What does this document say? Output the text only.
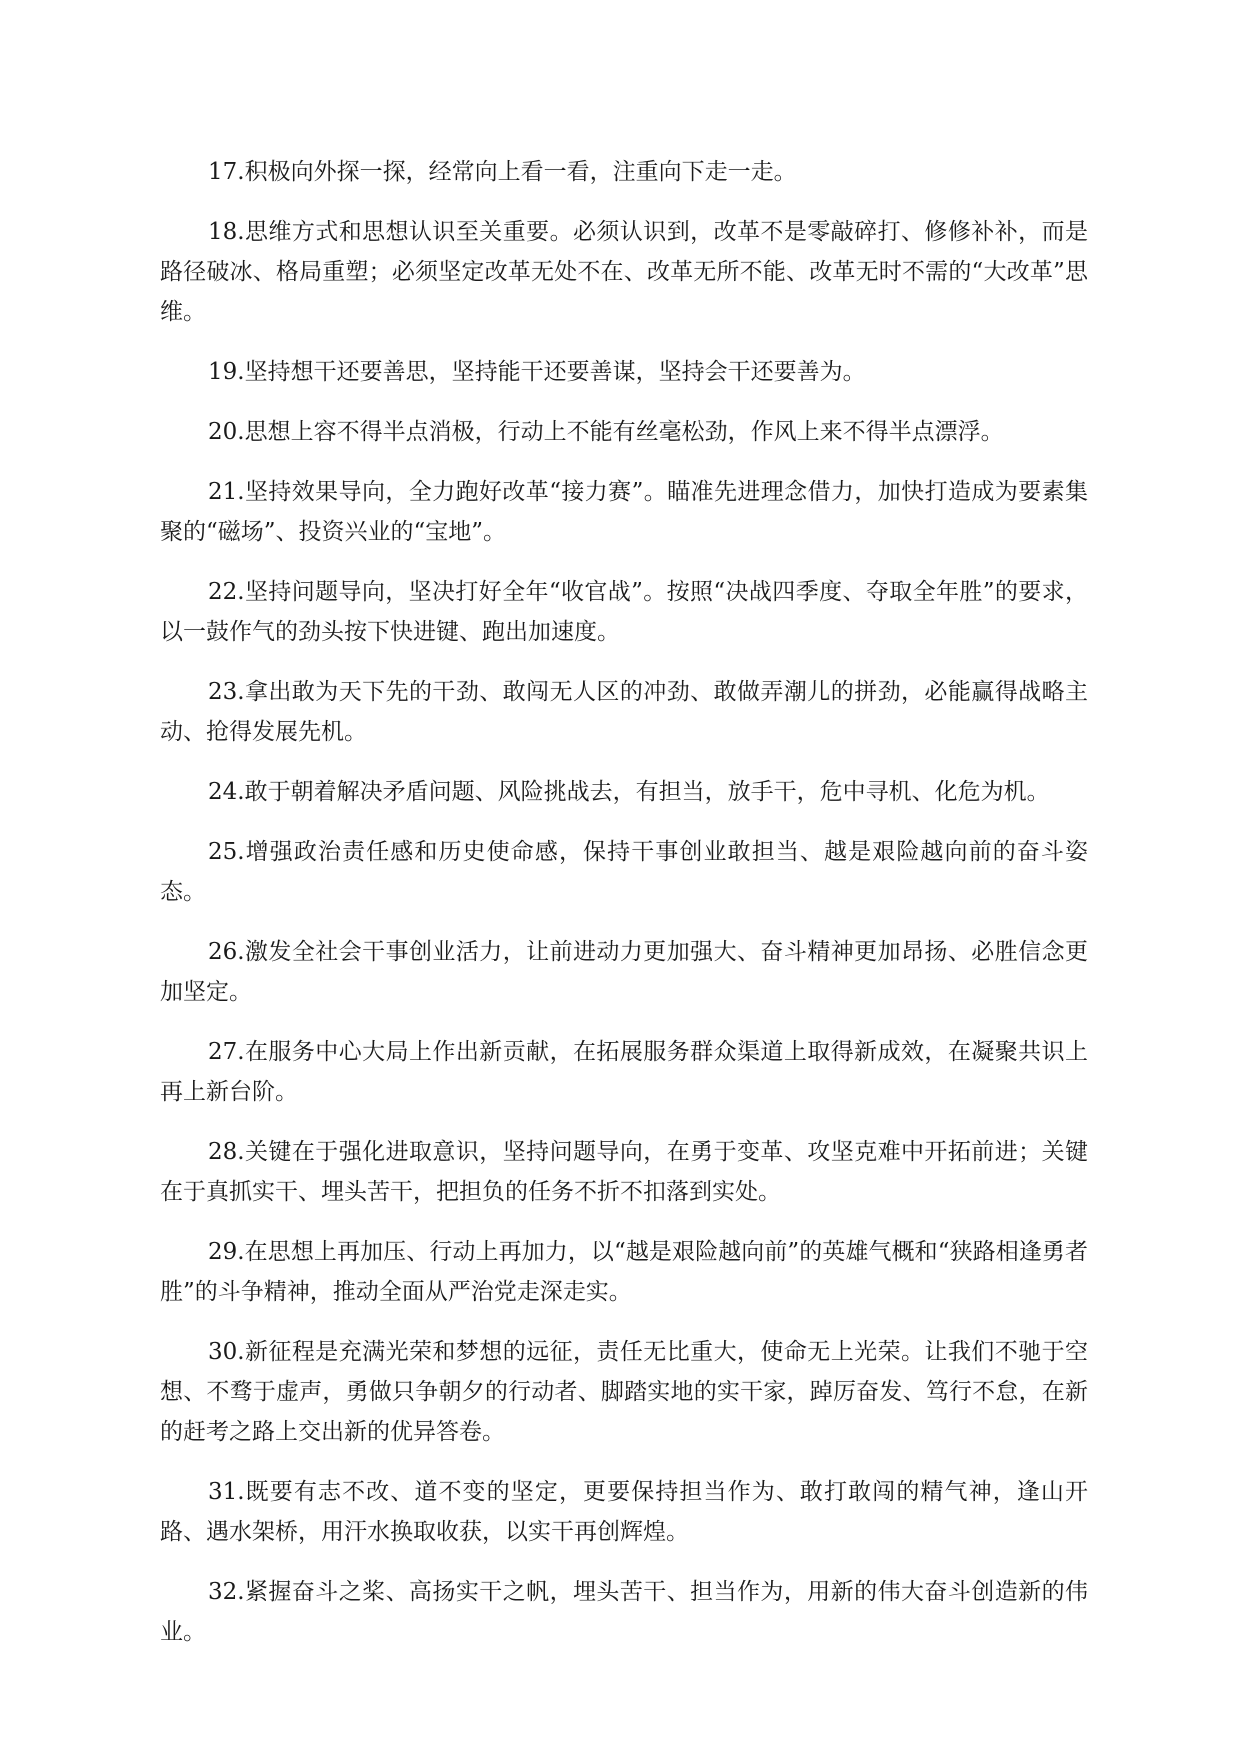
17.积极向外探一探，经常向上看一看，注重向下走一走。

18.思维方式和思想认识至关重要。必须认识到，改革不是零敲碎打、修修补补，而是路径破冰、格局重塑；必须坚定改革无处不在、改革无所不能、改革无时不需的“大改革”思维。

19.坚持想干还要善思，坚持能干还要善谋，坚持会干还要善为。

20.思想上容不得半点消极，行动上不能有丝毫松劲，作风上来不得半点漂浮。

21.坚持效果导向，全力跑好改革“接力赛”。瞄准先进理念借力，加快打造成为要素集聚的“磁场”、投资兴业的“宝地”。

22.坚持问题导向，坚决打好全年“收官战”。按照“决战四季度、夺取全年胜”的要求，以一鼓作气的劲头按下快进键、跑出加速度。

23.拿出敢为天下先的干劲、敢闯无人区的冲劲、敢做弄潮儿的拼劲，必能赢得战略主动、抢得发展先机。

24.敢于朝着解决矛盾问题、风险挑战去，有担当，放手干，危中寻机、化危为机。

25.增强政治责任感和历史使命感，保持干事创业敢担当、越是艰险越向前的奋斗姿态。

26.激发全社会干事创业活力，让前进动力更加强大、奋斗精神更加昂扬、必胜信念更加坚定。

27.在服务中心大局上作出新贡献，在拓展服务群众渠道上取得新成效，在凝聚共识上再上新台阶。

28.关键在于强化进取意识，坚持问题导向，在勇于变革、攻坚克难中开拓前进；关键在于真抓实干、埋头苦干，把担负的任务不折不扣落到实处。

29.在思想上再加压、行动上再加力，以“越是艰险越向前”的英雄气概和“狭路相逢勇者胜”的斗争精神，推动全面从严治党走深走实。

30.新征程是充满光荣和梦想的远征，责任无比重大，使命无上光荣。让我们不驰于空想、不骛于虚声，勇做只争朝夕的行动者、脚踏实地的实干家，踔厉奋发、笃行不怠，在新的赶考之路上交出新的优异答卷。

31.既要有志不改、道不变的坚定，更要保持担当作为、敢打敢闯的精气神，逢山开路、遇水架桥，用汗水换取收获，以实干再创辉煌。

32.紧握奋斗之桨、高扬实干之帆，埋头苦干、担当作为，用新的伟大奋斗创造新的伟业。
